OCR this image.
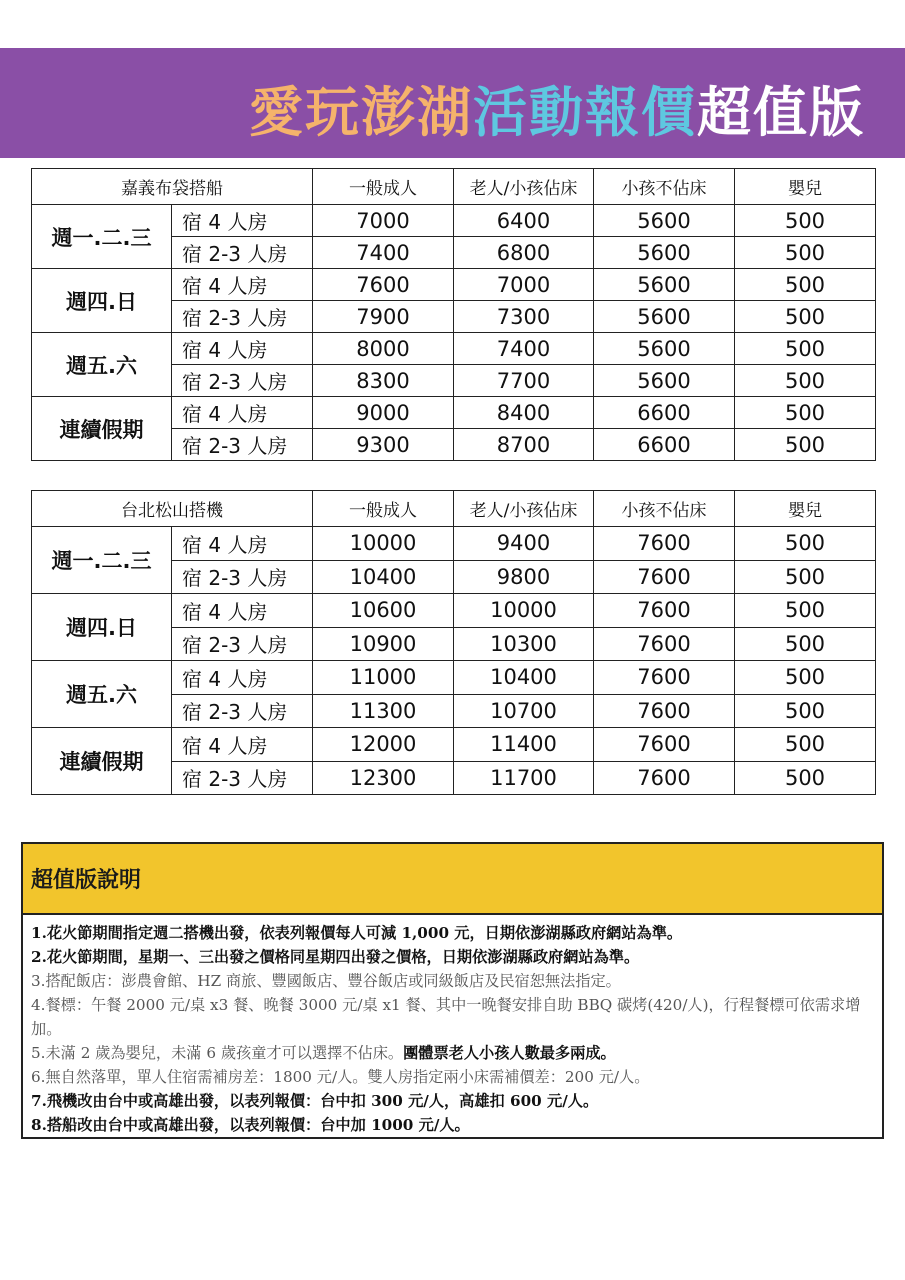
愛玩澎湖活動報價超值版
嘉義布袋搭船		一般成人	老人/小孩佔床	小孩不佔床	嬰兒
週一.二.三	宿 4 人房	7000	6400	5600	500
	宿 2-3 人房	7400	6800	5600	500
週四.日	宿 4 人房	7600	7000	5600	500
	宿 2-3 人房	7900	7300	5600	500
週五.六	宿 4 人房	8000	7400	5600	500
	宿 2-3 人房	8300	7700	5600	500
連續假期	宿 4 人房	9000	8400	6600	500
	宿 2-3 人房	9300	8700	6600	500
台北松山搭機		一般成人	老人/小孩佔床	小孩不佔床	嬰兒
週一.二.三	宿 4 人房	10000	9400	7600	500
	宿 2-3 人房	10400	9800	7600	500
週四.日	宿 4 人房	10600	10000	7600	500
	宿 2-3 人房	10900	10300	7600	500
週五.六	宿 4 人房	11000	10400	7600	500
	宿 2-3 人房	11300	10700	7600	500
連續假期	宿 4 人房	12000	11400	7600	500
	宿 2-3 人房	12300	11700	7600	500
超值版說明
1.花火節期間指定週二搭機出發，依表列報價每人可減 1,000 元，日期依澎湖縣政府網站為準。
2.花火節期間，星期一、三出發之價格同星期四出發之價格，日期依澎湖縣政府網站為準。
3.搭配飯店：澎農會館、HZ 商旅、豐國飯店、豐谷飯店或同級飯店及民宿恕無法指定。
4.餐標：午餐 2000 元/桌 x3 餐、晚餐 3000 元/桌 x1 餐、其中一晚餐安排自助 BBQ 碳烤(420/人)，行程餐標可依需求增加。
5.未滿 2 歲為嬰兒，未滿 6 歲孩童才可以選擇不佔床。團體票老人小孩人數最多兩成。
6.無自然落單，單人住宿需補房差：1800 元/人。雙人房指定兩小床需補價差：200 元/人。
7.飛機改由台中或高雄出發，以表列報價：台中扣 300 元/人，高雄扣 600 元/人。
8.搭船改由台中或高雄出發，以表列報價：台中加 1000 元/人。
